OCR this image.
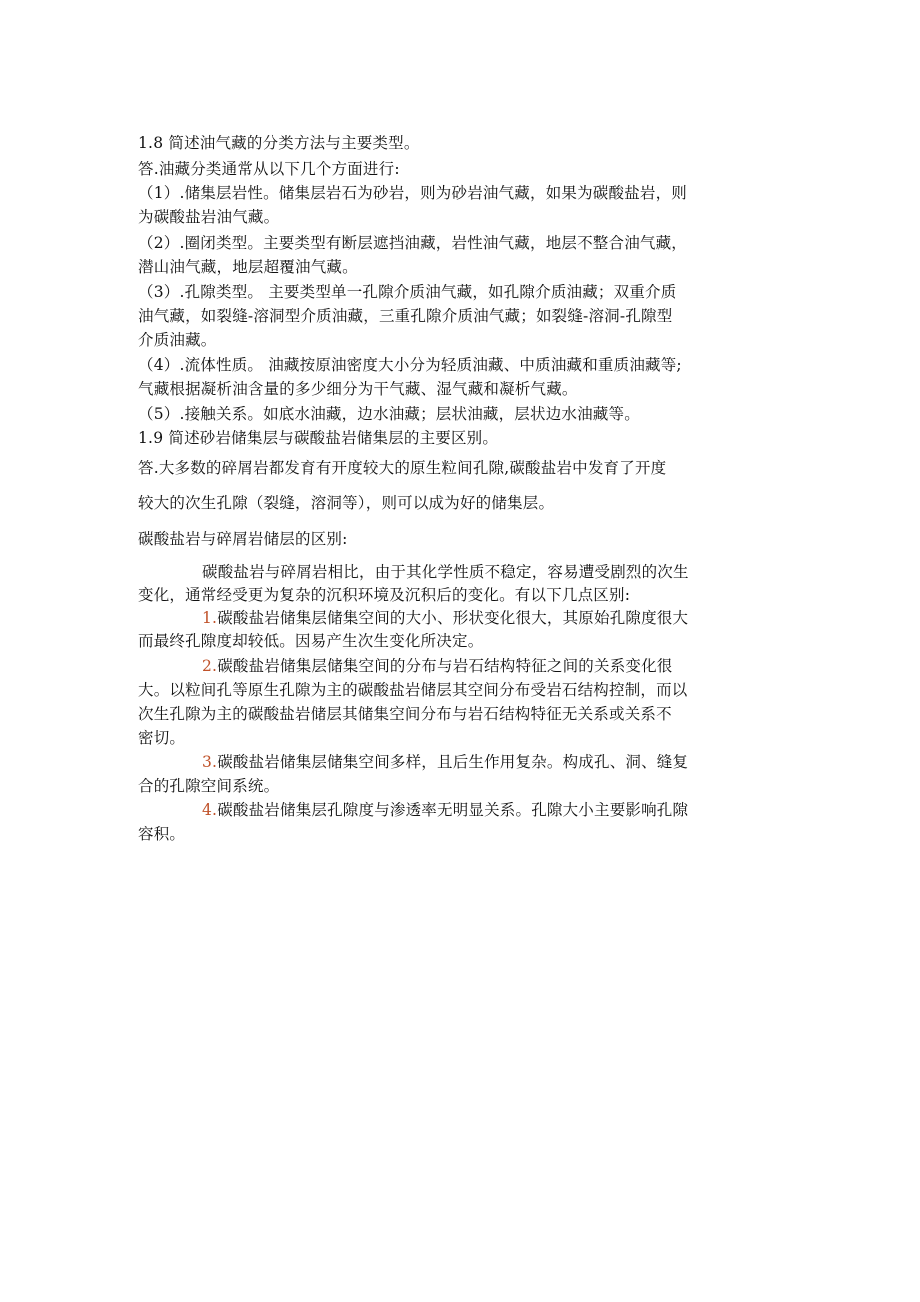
1.8 简述油气藏的分类方法与主要类型。
答.油藏分类通常从以下几个方面进行:
（1）.储集层岩性。储集层岩石为砂岩，则为砂岩油气藏，如果为碳酸盐岩，则
为碳酸盐岩油气藏。
（2）.圈闭类型。主要类型有断层遮挡油藏，岩性油气藏，地层不整合油气藏，
潜山油气藏，地层超覆油气藏。
（3）.孔隙类型。 主要类型单一孔隙介质油气藏，如孔隙介质油藏；双重介质
油气藏，如裂缝-溶洞型介质油藏，三重孔隙介质油气藏；如裂缝-溶洞-孔隙型
介质油藏。
（4）.流体性质。 油藏按原油密度大小分为轻质油藏、中质油藏和重质油藏等;
气藏根据凝析油含量的多少细分为干气藏、湿气藏和凝析气藏。
（5）.接触关系。如底水油藏，边水油藏；层状油藏，层状边水油藏等。
1.9 简述砂岩储集层与碳酸盐岩储集层的主要区别。
答.大多数的碎屑岩都发育有开度较大的原生粒间孔隙,碳酸盐岩中发育了开度
较大的次生孔隙（裂缝，溶洞等），则可以成为好的储集层。
碳酸盐岩与碎屑岩储层的区别:
碳酸盐岩与碎屑岩相比，由于其化学性质不稳定，容易遭受剧烈的次生
变化，通常经受更为复杂的沉积环境及沉积后的变化。有以下几点区别:
1.碳酸盐岩储集层储集空间的大小、形状变化很大，其原始孔隙度很大
而最终孔隙度却较低。因易产生次生变化所决定。
2.碳酸盐岩储集层储集空间的分布与岩石结构特征之间的关系变化很
大。以粒间孔等原生孔隙为主的碳酸盐岩储层其空间分布受岩石结构控制，而以
次生孔隙为主的碳酸盐岩储层其储集空间分布与岩石结构特征无关系或关系不
密切。
3.碳酸盐岩储集层储集空间多样，且后生作用复杂。构成孔、洞、缝复
合的孔隙空间系统。
4.碳酸盐岩储集层孔隙度与渗透率无明显关系。孔隙大小主要影响孔隙
容积。
